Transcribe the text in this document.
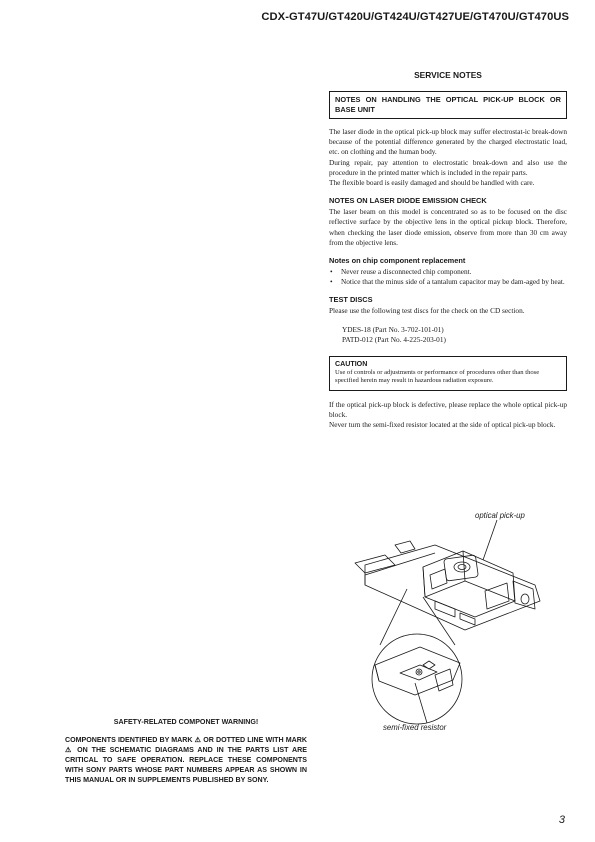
CDX-GT47U/GT420U/GT424U/GT427UE/GT470U/GT470US
SERVICE NOTES
NOTES ON HANDLING THE OPTICAL PICK-UP BLOCK OR BASE UNIT

The laser diode in the optical pick-up block may suffer electrostat-ic break-down because of the potential difference generated by the charged electrostatic load, etc. on clothing and the human body.

During repair, pay attention to electrostatic break-down and also use the procedure in the printed matter which is included in the repair parts.

The flexible board is easily damaged and should be handled with care.

NOTES ON LASER DIODE EMISSION CHECK

The laser beam on this model is concentrated so as to be focused on the disc reflective surface by the objective lens in the optical pickup block. Therefore, when checking the laser diode emission, observe from more than 30 cm away from the objective lens.

Notes on chip component replacement
• Never reuse a disconnected chip component.
• Notice that the minus side of a tantalum capacitor may be dam-aged by heat.
TEST DISCS

Please use the following test discs for the check on the CD section.

YDES-18 (Part No. 3-702-101-01)
PATD-012 (Part No. 4-225-203-01)
CAUTION
Use of controls or adjustments or performance of procedures other than those specified herein may result in hazardous radiation exposure.

If the optical pick-up block is defective, please replace the whole optical pick-up block.

Never turn the semi-fixed resistor located at the side of optical pick-up block.

optical pick-up
semi-fixed resistor
SAFETY-RELATED COMPONET WARNING!
COMPONENTS IDENTIFIED BY MARK ⚠ OR DOTTED LINE WITH MARK ⚠ ON THE SCHEMATIC DIAGRAMS AND IN THE PARTS LIST ARE CRITICAL TO SAFE OPERATION. REPLACE THESE COMPONENTS WITH SONY PARTS WHOSE PART NUMBERS APPEAR AS SHOWN IN THIS MANUAL OR IN SUPPLEMENTS PUBLISHED BY SONY.
3
